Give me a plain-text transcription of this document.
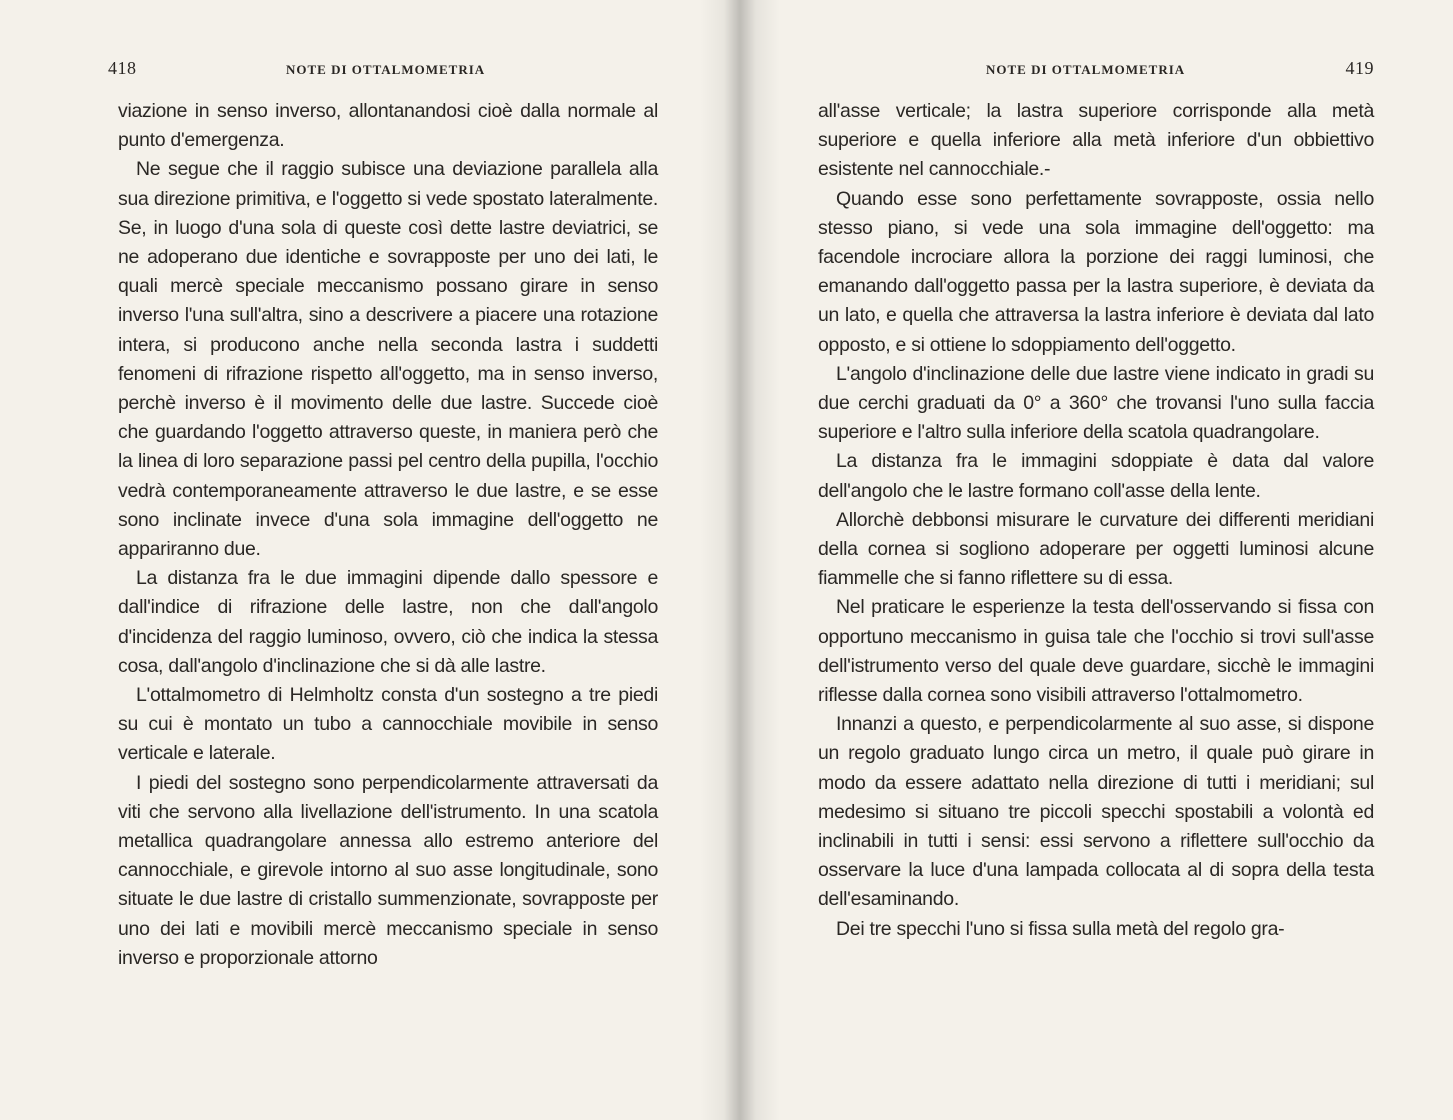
418	NOTE DI OTTALMOMETRIA

viazione in senso inverso, allontanandosi cioè dalla normale al punto d'emergenza.

Ne segue che il raggio subisce una deviazione parallela alla sua direzione primitiva, e l'oggetto si vede spostato lateralmente. Se, in luogo d'una sola di queste così dette lastre deviatrici, se ne adoperano due identiche e sovrapposte per uno dei lati, le quali mercè speciale meccanismo possano girare in senso inverso l'una sull'altra, sino a descrivere a piacere una rotazione intera, si producono anche nella seconda lastra i suddetti fenomeni di rifrazione rispetto all'oggetto, ma in senso inverso, perchè inverso è il movimento delle due lastre. Succede cioè che guardando l'oggetto attraverso queste, in maniera però che la linea di loro separazione passi pel centro della pupilla, l'occhio vedrà contemporaneamente attraverso le due lastre, e se esse sono inclinate invece d'una sola immagine dell'oggetto ne appariranno due.

La distanza fra le due immagini dipende dallo spessore e dall'indice di rifrazione delle lastre, non che dall'angolo d'incidenza del raggio luminoso, ovvero, ciò che indica la stessa cosa, dall'angolo d'inclinazione che si dà alle lastre.

L'ottalmometro di Helmholtz consta d'un sostegno a tre piedi su cui è montato un tubo a cannocchiale movibile in senso verticale e laterale.

I piedi del sostegno sono perpendicolarmente attraversati da viti che servono alla livellazione dell'istrumento. In una scatola metallica quadrangolare annessa allo estremo anteriore del cannocchiale, e girevole intorno al suo asse longitudinale, sono situate le due lastre di cristallo summenzionate, sovrapposte per uno dei lati e movibili mercè meccanismo speciale in senso inverso e proporzionale attorno

NOTE DI OTTALMOMETRIA	419

all'asse verticale; la lastra superiore corrisponde alla metà superiore e quella inferiore alla metà inferiore d'un obbiettivo esistente nel cannocchiale.-

Quando esse sono perfettamente sovrapposte, ossia nello stesso piano, si vede una sola immagine dell'oggetto: ma facendole incrociare allora la porzione dei raggi luminosi, che emanando dall'oggetto passa per la lastra superiore, è deviata da un lato, e quella che attraversa la lastra inferiore è deviata dal lato opposto, e si ottiene lo sdoppiamento dell'oggetto.

L'angolo d'inclinazione delle due lastre viene indicato in gradi su due cerchi graduati da 0° a 360° che trovansi l'uno sulla faccia superiore e l'altro sulla inferiore della scatola quadrangolare.

La distanza fra le immagini sdoppiate è data dal valore dell'angolo che le lastre formano coll'asse della lente.

Allorchè debbonsi misurare le curvature dei differenti meridiani della cornea si sogliono adoperare per oggetti luminosi alcune fiammelle che si fanno riflettere su di essa.

Nel praticare le esperienze la testa dell'osservando si fissa con opportuno meccanismo in guisa tale che l'occhio si trovi sull'asse dell'istrumento verso del quale deve guardare, sicchè le immagini riflesse dalla cornea sono visibili attraverso l'ottalmometro.

Innanzi a questo, e perpendicolarmente al suo asse, si dispone un regolo graduato lungo circa un metro, il quale può girare in modo da essere adattato nella direzione di tutti i meridiani; sul medesimo si situano tre piccoli specchi spostabili a volontà ed inclinabili in tutti i sensi: essi servono a riflettere sull'occhio da osservare la luce d'una lampada collocata al di sopra della testa dell'esaminando.

Dei tre specchi l'uno si fissa sulla metà del regolo gra-
